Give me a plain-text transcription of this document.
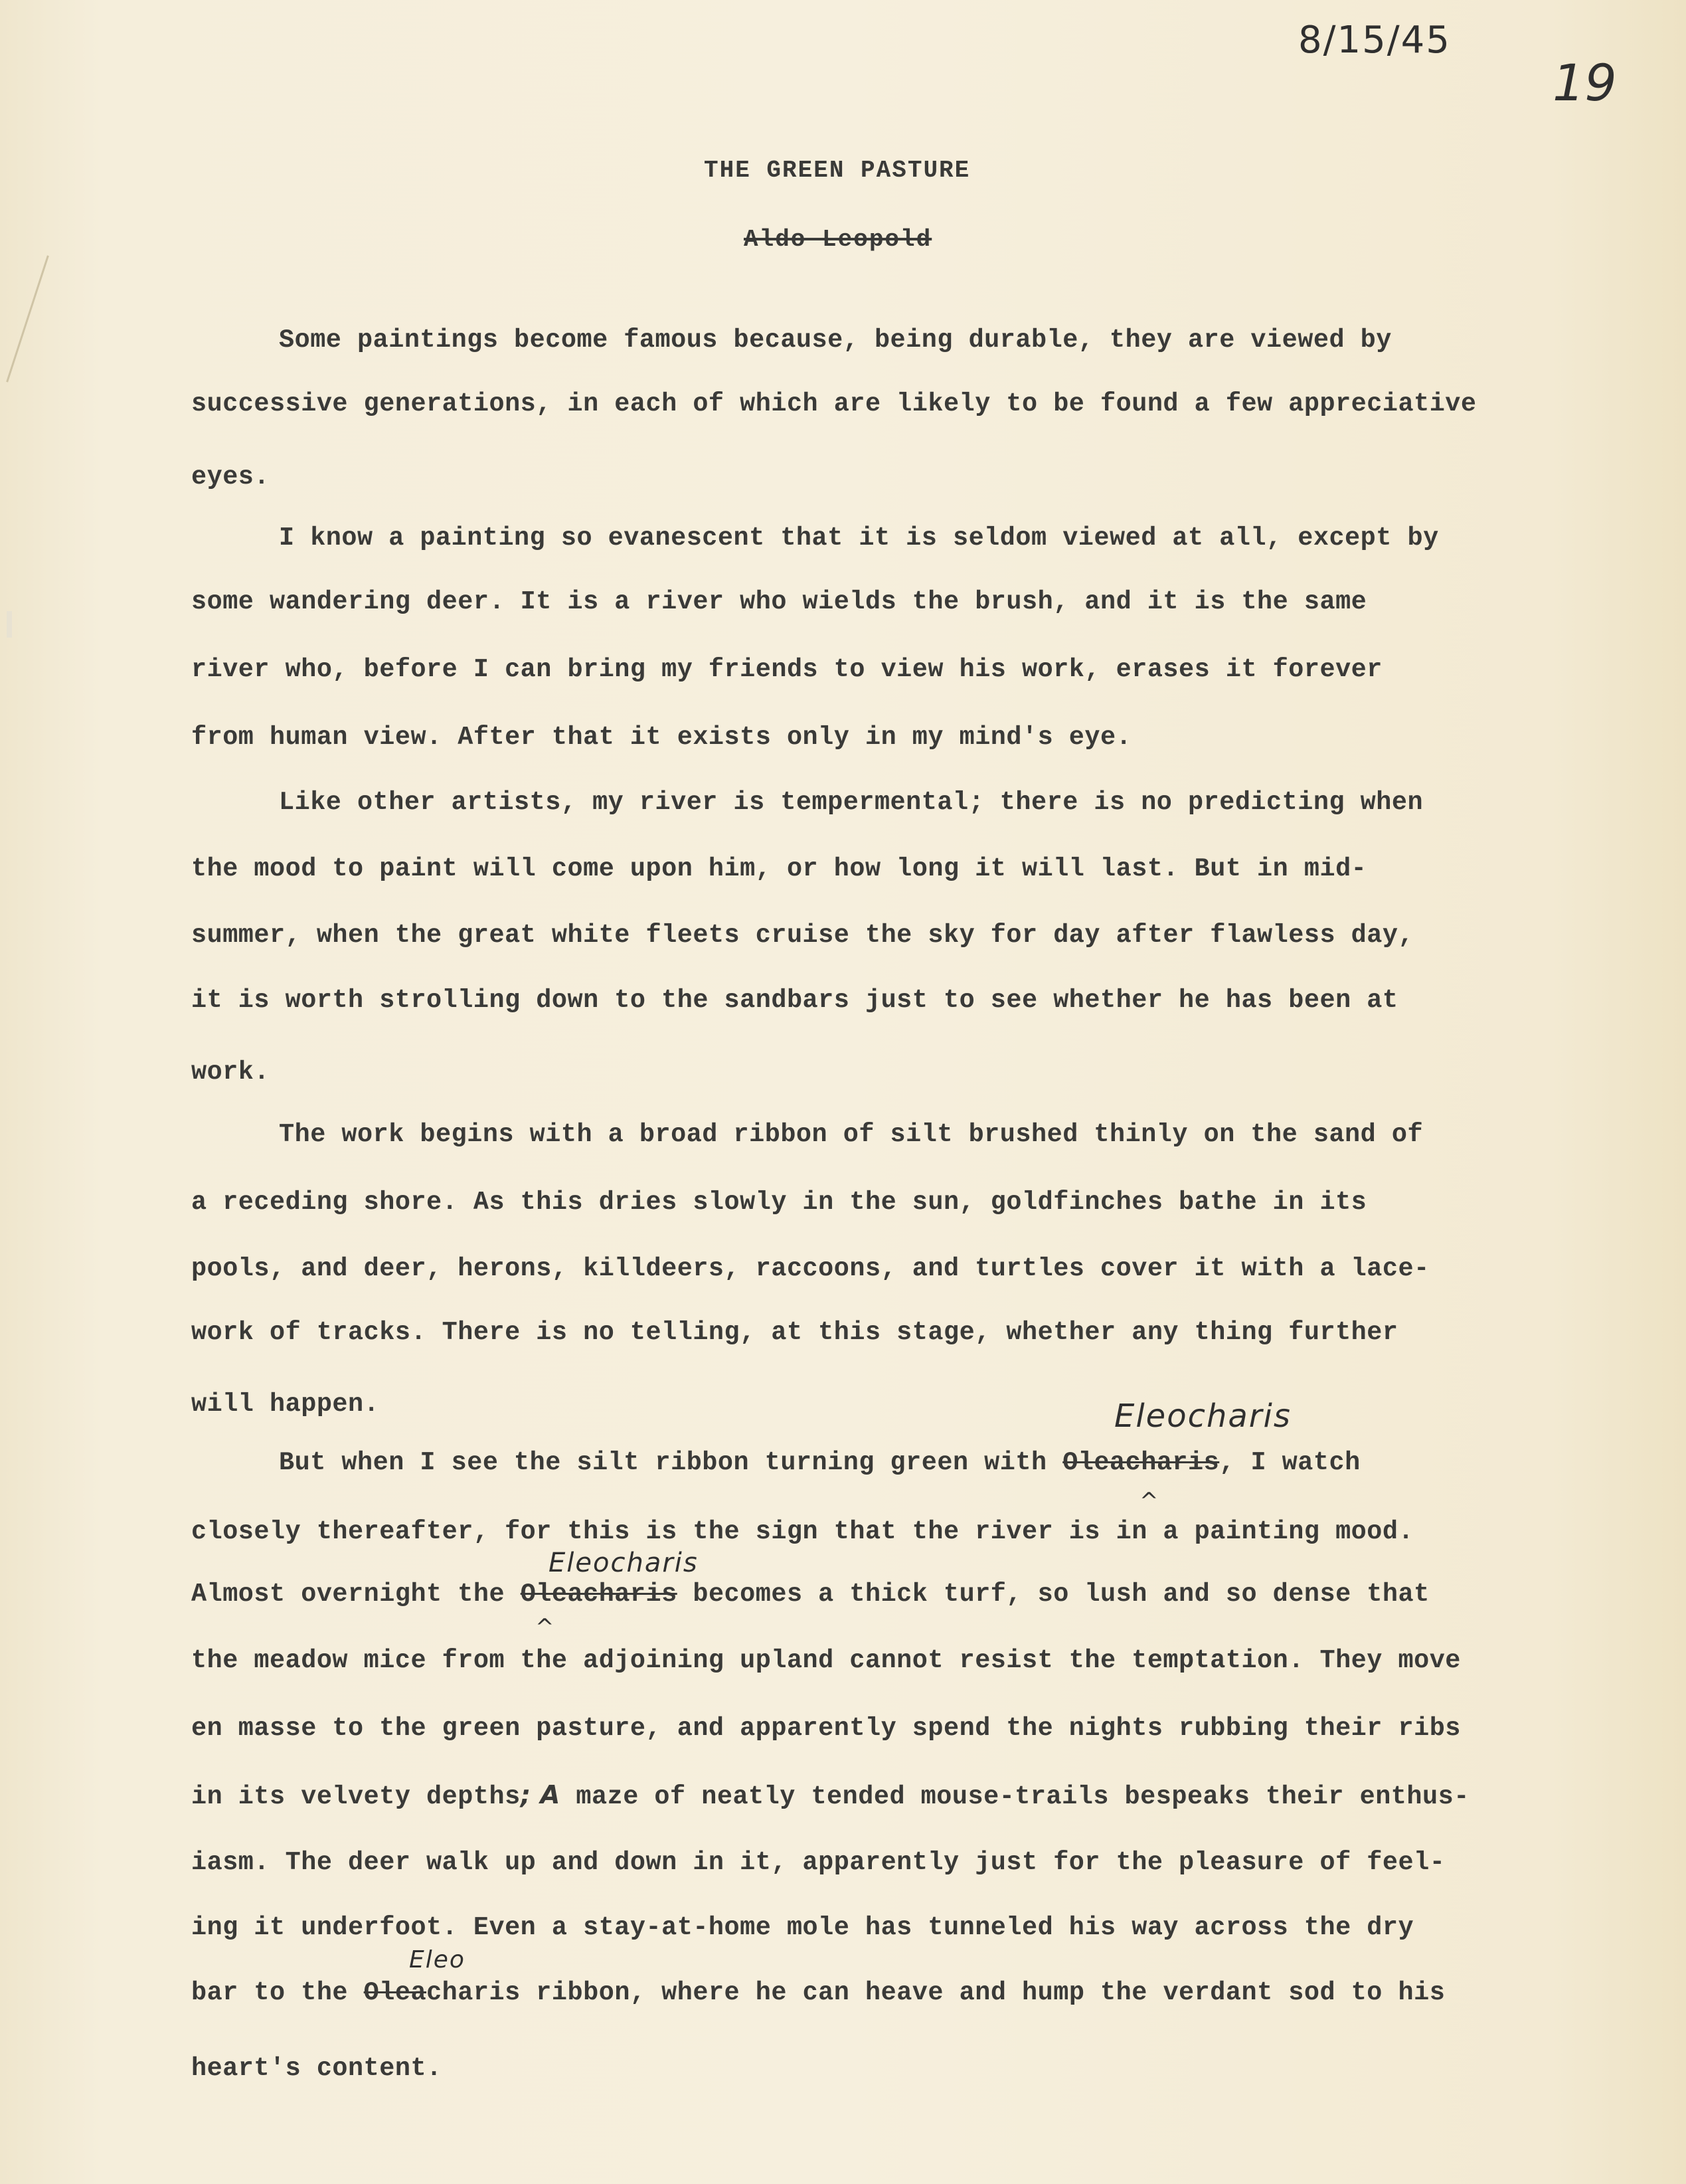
8/15/45
19
THE GREEN PASTURE
Aldo Leopold
Some paintings become famous because, being durable, they are viewed by
successive generations, in each of which are likely to be found a few appreciative
eyes.
I know a painting so evanescent that it is seldom viewed at all, except by
some wandering deer. It is a river who wields the brush, and it is the same
river who, before I can bring my friends to view his work, erases it forever
from human view. After that it exists only in my mind's eye.
Like other artists, my river is tempermental; there is no predicting when
the mood to paint will come upon him, or how long it will last. But in mid-
summer, when the great white fleets cruise the sky for day after flawless day,
it is worth strolling down to the sandbars just to see whether he has been at
work.
The work begins with a broad ribbon of silt brushed thinly on the sand of
a receding shore. As this dries slowly in the sun, goldfinches bathe in its
pools, and deer, herons, killdeers, raccoons, and turtles cover it with a lace-
work of tracks. There is no telling, at this stage, whether any thing further
will happen.	Eleocharis
But when I see the silt ribbon turning green with Oleacharis, I watch
^
closely thereafter, for this is the sign that the river is in a painting mood.
Eleocharis
Almost overnight the Oleacharis becomes a thick turf, so lush and so dense that
^
the meadow mice from the adjoining upland cannot resist the temptation. They move
en masse to the green pasture, and apparently spend the nights rubbing their ribs
in its velvety depths; A maze of neatly tended mouse-trails bespeaks their enthus-
iasm. The deer walk up and down in it, apparently just for the pleasure of feel-
ing it underfoot. Even a stay-at-home mole has tunneled his way across the dry
Eleo
bar to the Oleacharis ribbon, where he can heave and hump the verdant sod to his
heart's content.
